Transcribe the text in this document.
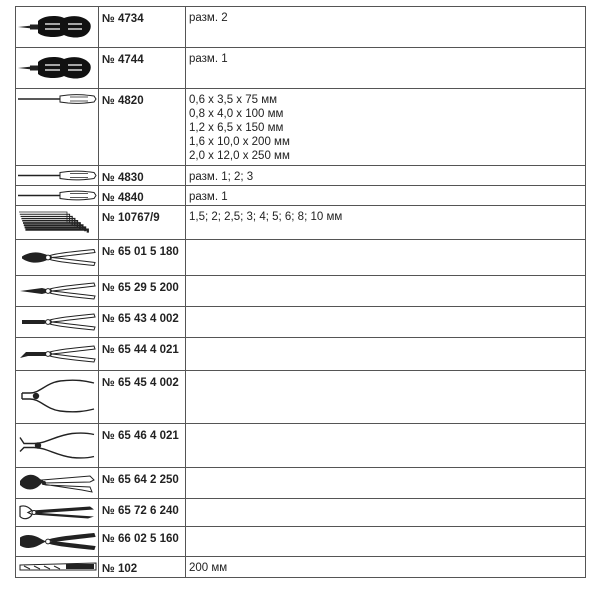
№ 4734	разм. 2

№ 4744	разм. 1

№ 4820	0,6 х 3,5 х 75 мм
0,8 х 4,0 х 100 мм
1,2 х 6,5 х 150 мм
1,6 х 10,0 х 200 мм
2,0 х 12,0 х 250 мм

№ 4830	разм. 1; 2; 3

№ 4840	разм. 1

№ 10767/9	1,5; 2; 2,5; 3; 4; 5; 6; 8; 10 мм

№ 65 01 5 180	

№ 65 29 5 200	

№ 65 43 4 002	

№ 65 44 4 021	

№ 65 45 4 002	

№ 65 46 4 021	

№ 65 64 2 250	

№ 65 72 6 240	

№ 66 02 5 160	

№ 102	200 мм
